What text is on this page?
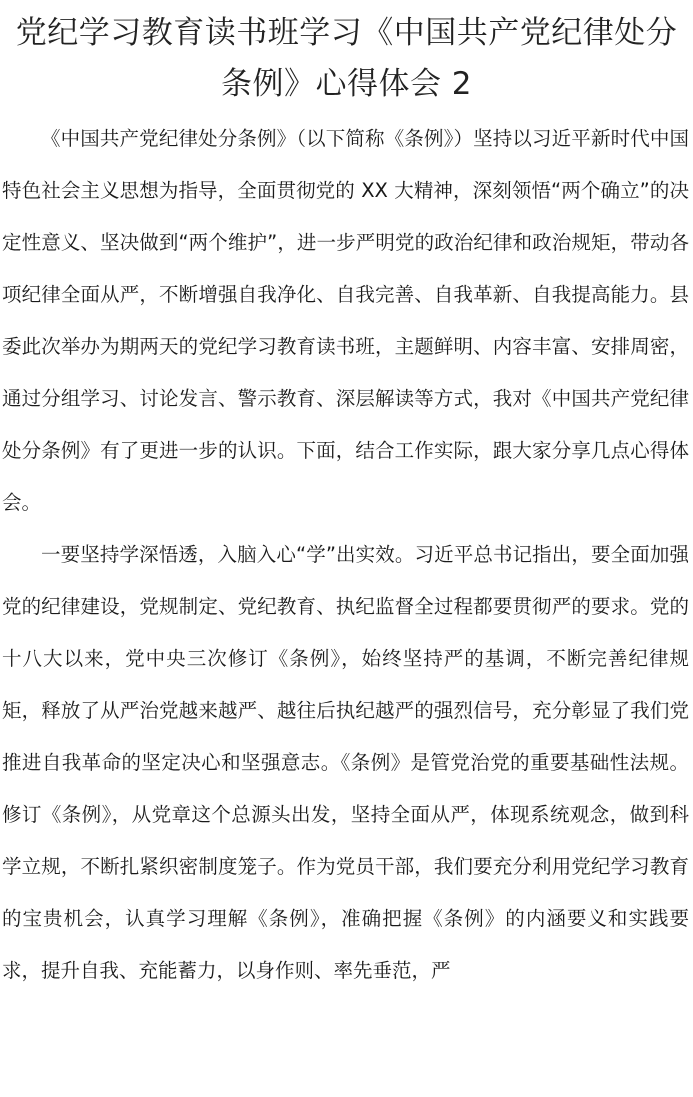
党纪学习教育读书班学习《中国共产党纪律处分条例》心得体会 2

《中国共产党纪律处分条例》（以下简称《条例》）坚持以习近平新时代中国特色社会主义思想为指导，全面贯彻党的 XX 大精神，深刻领悟“两个确立”的决定性意义、坚决做到“两个维护”，进一步严明党的政治纪律和政治规矩，带动各项纪律全面从严，不断增强自我净化、自我完善、自我革新、自我提高能力。县委此次举办为期两天的党纪学习教育读书班，主题鲜明、内容丰富、安排周密，通过分组学习、讨论发言、警示教育、深层解读等方式，我对《中国共产党纪律处分条例》有了更进一步的认识。下面，结合工作实际，跟大家分享几点心得体会。

一要坚持学深悟透，入脑入心“学”出实效。习近平总书记指出，要全面加强党的纪律建设，党规制定、党纪教育、执纪监督全过程都要贯彻严的要求。党的十八大以来，党中央三次修订《条例》，始终坚持严的基调，不断完善纪律规矩，释放了从严治党越来越严、越往后执纪越严的强烈信号，充分彰显了我们党推进自我革命的坚定决心和坚强意志。《条例》是管党治党的重要基础性法规。修订《条例》，从党章这个总源头出发，坚持全面从严，体现系统观念，做到科学立规，不断扎紧织密制度笼子。作为党员干部，我们要充分利用党纪学习教育的宝贵机会，认真学习理解《条例》，准确把握《条例》的内涵要义和实践要求，提升自我、充能蓄力，以身作则、率先垂范，严
